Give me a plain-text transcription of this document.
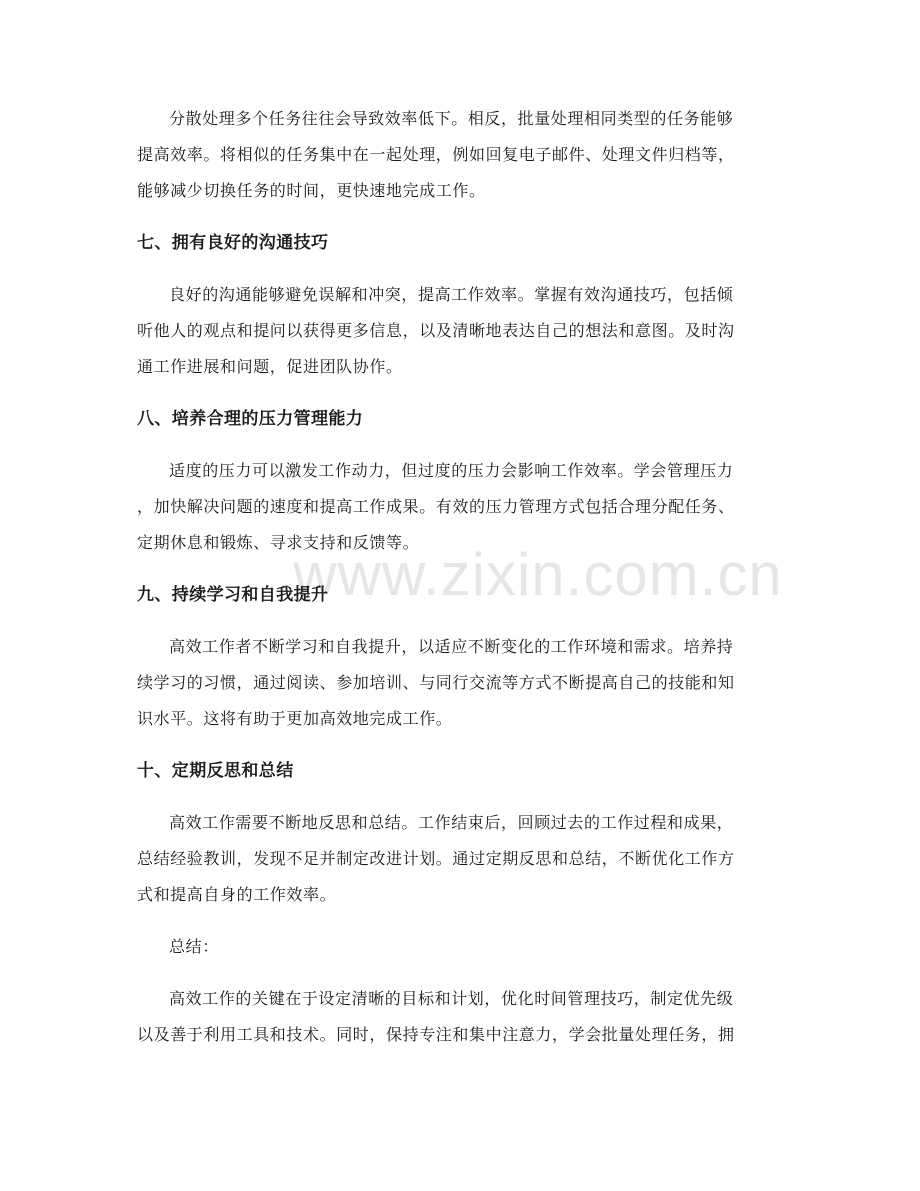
www.zixin.com.cn

分散处理多个任务往往会导致效率低下。相反，批量处理相同类型的任务能够
提高效率。将相似的任务集中在一起处理，例如回复电子邮件、处理文件归档等，
能够减少切换任务的时间，更快速地完成工作。

七、拥有良好的沟通技巧

良好的沟通能够避免误解和冲突，提高工作效率。掌握有效沟通技巧，包括倾
听他人的观点和提问以获得更多信息，以及清晰地表达自己的想法和意图。及时沟
通工作进展和问题，促进团队协作。

八、培养合理的压力管理能力

适度的压力可以激发工作动力，但过度的压力会影响工作效率。学会管理压力
，加快解决问题的速度和提高工作成果。有效的压力管理方式包括合理分配任务、
定期休息和锻炼、寻求支持和反馈等。

九、持续学习和自我提升

高效工作者不断学习和自我提升，以适应不断变化的工作环境和需求。培养持
续学习的习惯，通过阅读、参加培训、与同行交流等方式不断提高自己的技能和知
识水平。这将有助于更加高效地完成工作。

十、定期反思和总结

高效工作需要不断地反思和总结。工作结束后，回顾过去的工作过程和成果，
总结经验教训，发现不足并制定改进计划。通过定期反思和总结，不断优化工作方
式和提高自身的工作效率。

总结：

高效工作的关键在于设定清晰的目标和计划，优化时间管理技巧，制定优先级
以及善于利用工具和技术。同时，保持专注和集中注意力，学会批量处理任务，拥
